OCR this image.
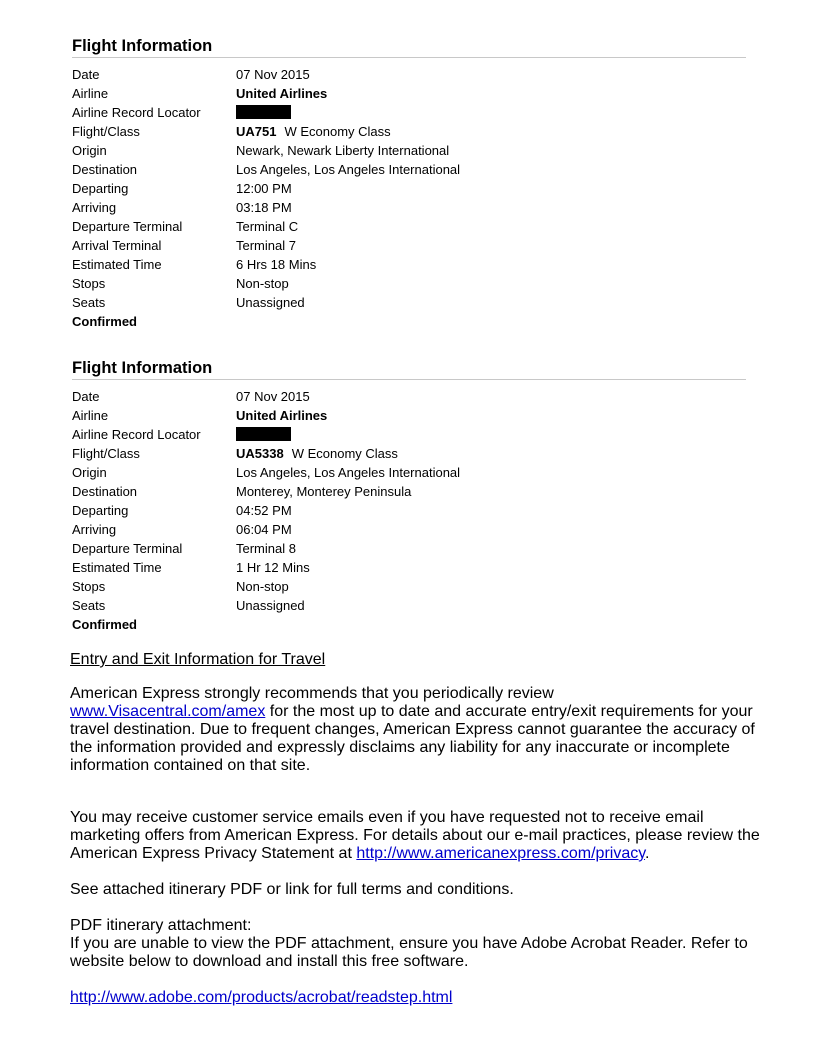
Flight Information
Date	07 Nov 2015
Airline	United Airlines
Airline Record Locator
Flight/Class	UA751 W Economy Class
Origin	Newark, Newark Liberty International
Destination	Los Angeles, Los Angeles International
Departing	12:00 PM
Arriving	03:18 PM
Departure Terminal	Terminal C
Arrival Terminal	Terminal 7
Estimated Time	6 Hrs 18 Mins
Stops	Non-stop
Seats	Unassigned
Confirmed
Flight Information
Date	07 Nov 2015
Airline	United Airlines
Airline Record Locator
Flight/Class	UA5338 W Economy Class
Origin	Los Angeles, Los Angeles International
Destination	Monterey, Monterey Peninsula
Departing	04:52 PM
Arriving	06:04 PM
Departure Terminal	Terminal 8
Estimated Time	1 Hr 12 Mins
Stops	Non-stop
Seats	Unassigned
Confirmed
Entry and Exit Information for Travel

American Express strongly recommends that you periodically review
www.Visacentral.com/amex for the most up to date and accurate entry/exit requirements for your travel destination. Due to frequent changes, American Express cannot guarantee the accuracy of the information provided and expressly disclaims any liability for any inaccurate or incomplete information contained on that site.

You may receive customer service emails even if you have requested not to receive email marketing offers from American Express. For details about our e-mail practices, please review the American Express Privacy Statement at http://www.americanexpress.com/privacy.

See attached itinerary PDF or link for full terms and conditions.

PDF itinerary attachment:
If you are unable to view the PDF attachment, ensure you have Adobe Acrobat Reader. Refer to website below to download and install this free software.

http://www.adobe.com/products/acrobat/readstep.html
